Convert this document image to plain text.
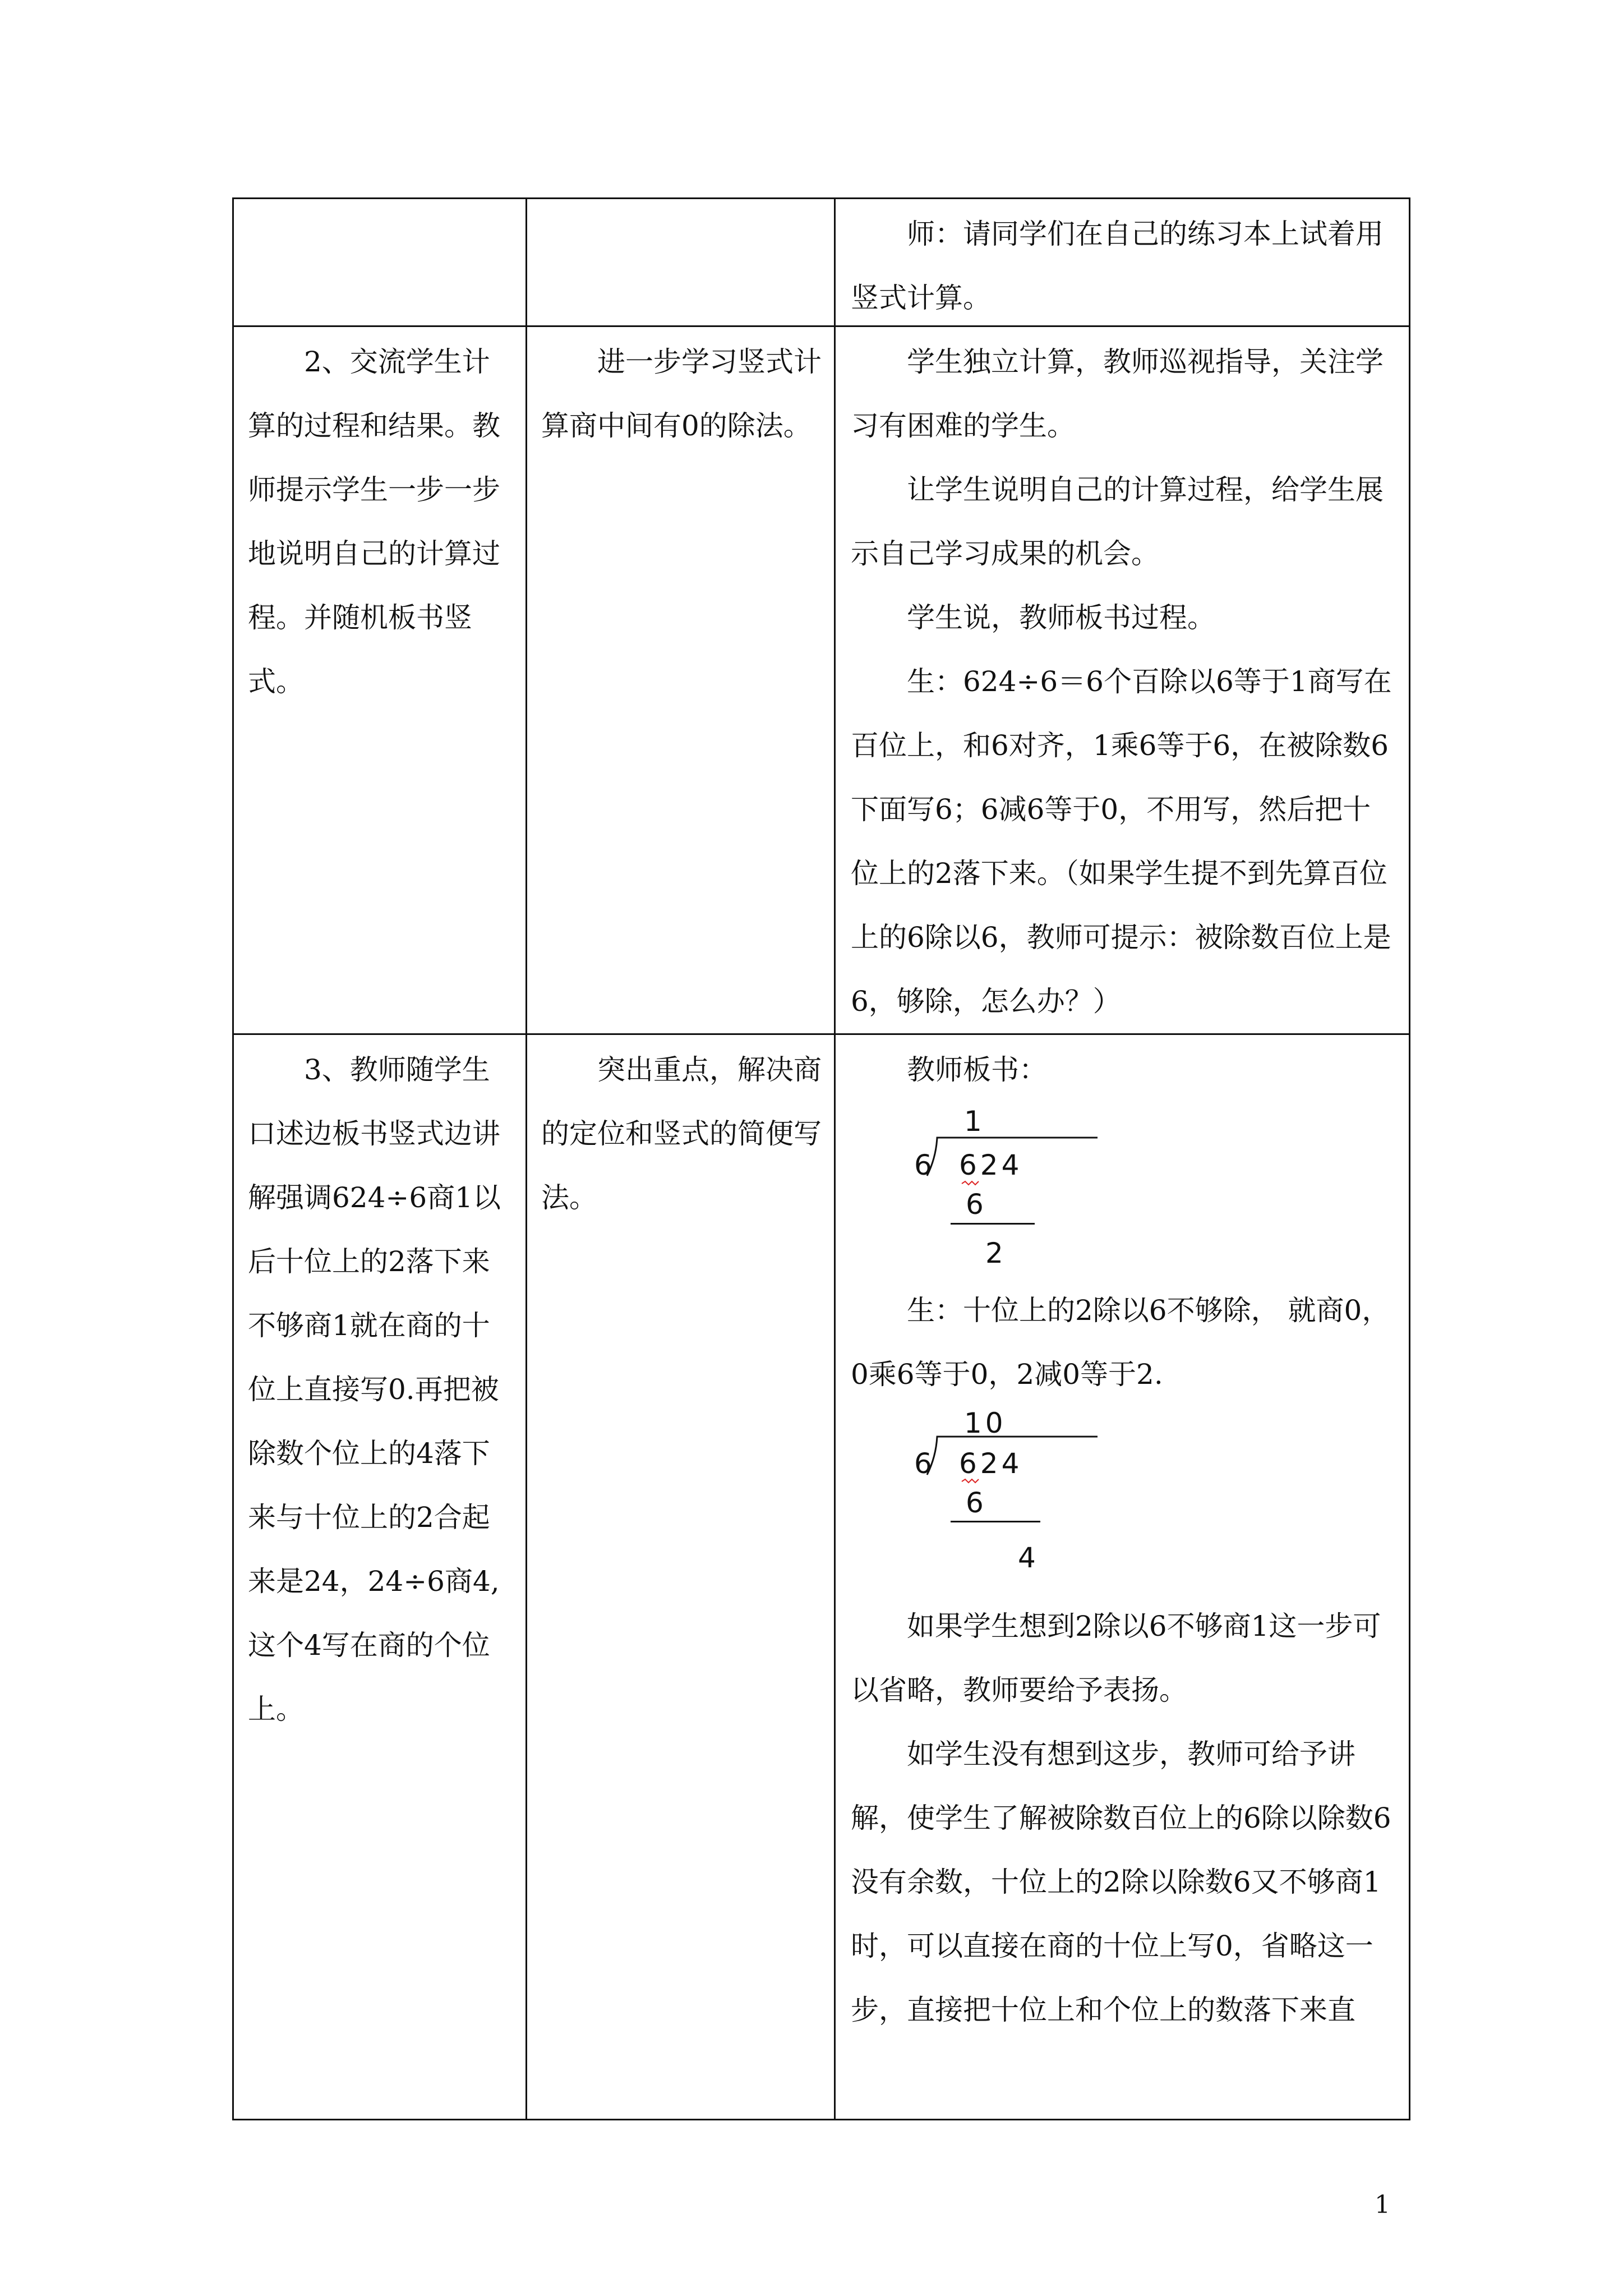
师：请同学们在自己的练习本上试着用竖式计算。

2、交流学生计算的过程和结果。教师提示学生一步一步地说明自己的计算过程。并随机板书竖式。

进一步学习竖式计算商中间有0的除法。

学生独立计算，教师巡视指导，关注学习有困难的学生。

让学生说明自己的计算过程，给学生展示自己学习成果的机会。

学生说，教师板书过程。

生：624÷6＝6个百除以6等于1商写在百位上，和6对齐，1乘6等于6，在被除数6下面写6；6减6等于0，不用写，然后把十位上的2落下来。（如果学生提不到先算百位上的6除以6，教师可提示：被除数百位上是6，够除，怎么办？）

3、教师随学生口述边板书竖式边讲解强调624÷6商1以后十位上的2落下来不够商1就在商的十位上直接写0.再把被除数个位上的4落下来与十位上的2合起来是24，24÷6商4,这个4写在商的个位上。

突出重点，解决商的定位和竖式的简便写法。

教师板书：

1
6 624
6
2

生：十位上的2除以6不够除， 就商0，0乘6等于0，2减0等于2.

10
6 624
6
4

如果学生想到2除以6不够商1这一步可以省略，教师要给予表扬。

如学生没有想到这步，教师可给予讲解，使学生了解被除数百位上的6除以除数6没有余数，十位上的2除以除数6又不够商1时，可以直接在商的十位上写0，省略这一步，直接把十位上和个位上的数落下来直

1
